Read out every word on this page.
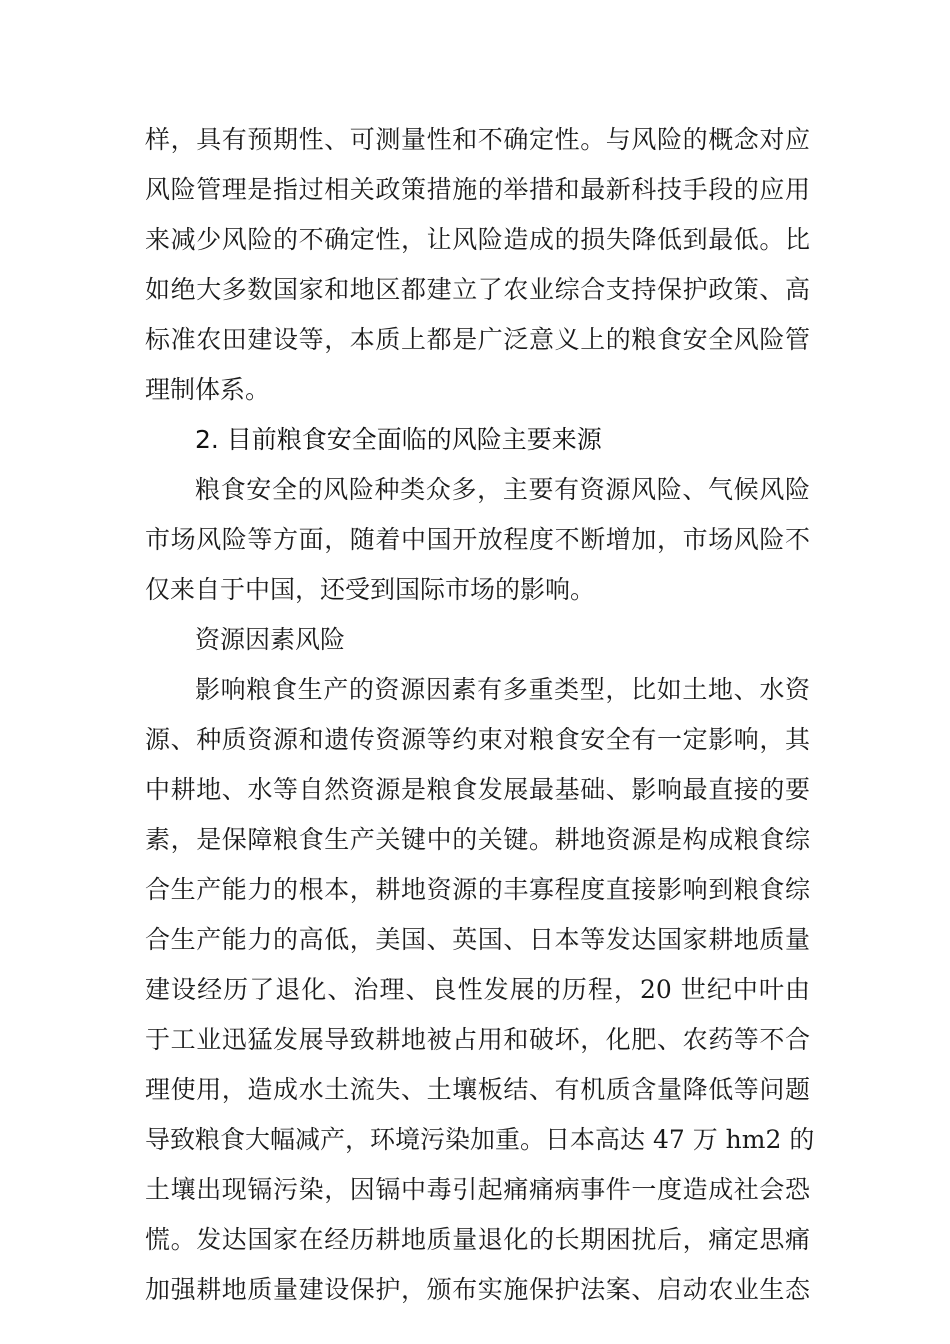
样，具有预期性、可测量性和不确定性。与风险的概念对应
风险管理是指过相关政策措施的举措和最新科技手段的应用
来减少风险的不确定性，让风险造成的损失降低到最低。比
如绝大多数国家和地区都建立了农业综合支持保护政策、高
标准农田建设等，本质上都是广泛意义上的粮食安全风险管
理制体系。
2. 目前粮食安全面临的风险主要来源
粮食安全的风险种类众多，主要有资源风险、气候风险
市场风险等方面，随着中国开放程度不断增加，市场风险不
仅来自于中国，还受到国际市场的影响。
资源因素风险
影响粮食生产的资源因素有多重类型，比如土地、水资
源、种质资源和遗传资源等约束对粮食安全有一定影响，其
中耕地、水等自然资源是粮食发展最基础、影响最直接的要
素，是保障粮食生产关键中的关键。耕地资源是构成粮食综
合生产能力的根本，耕地资源的丰寡程度直接影响到粮食综
合生产能力的高低，美国、英国、日本等发达国家耕地质量
建设经历了退化、治理、良性发展的历程，20 世纪中叶由
于工业迅猛发展导致耕地被占用和破坏，化肥、农药等不合
理使用，造成水土流失、土壤板结、有机质含量降低等问题
导致粮食大幅减产，环境污染加重。日本高达 47 万 hm2 的
土壤出现镉污染，因镉中毒引起痛痛病事件一度造成社会恐
慌。发达国家在经历耕地质量退化的长期困扰后，痛定思痛
加强耕地质量建设保护，颁布实施保护法案、启动农业生态
